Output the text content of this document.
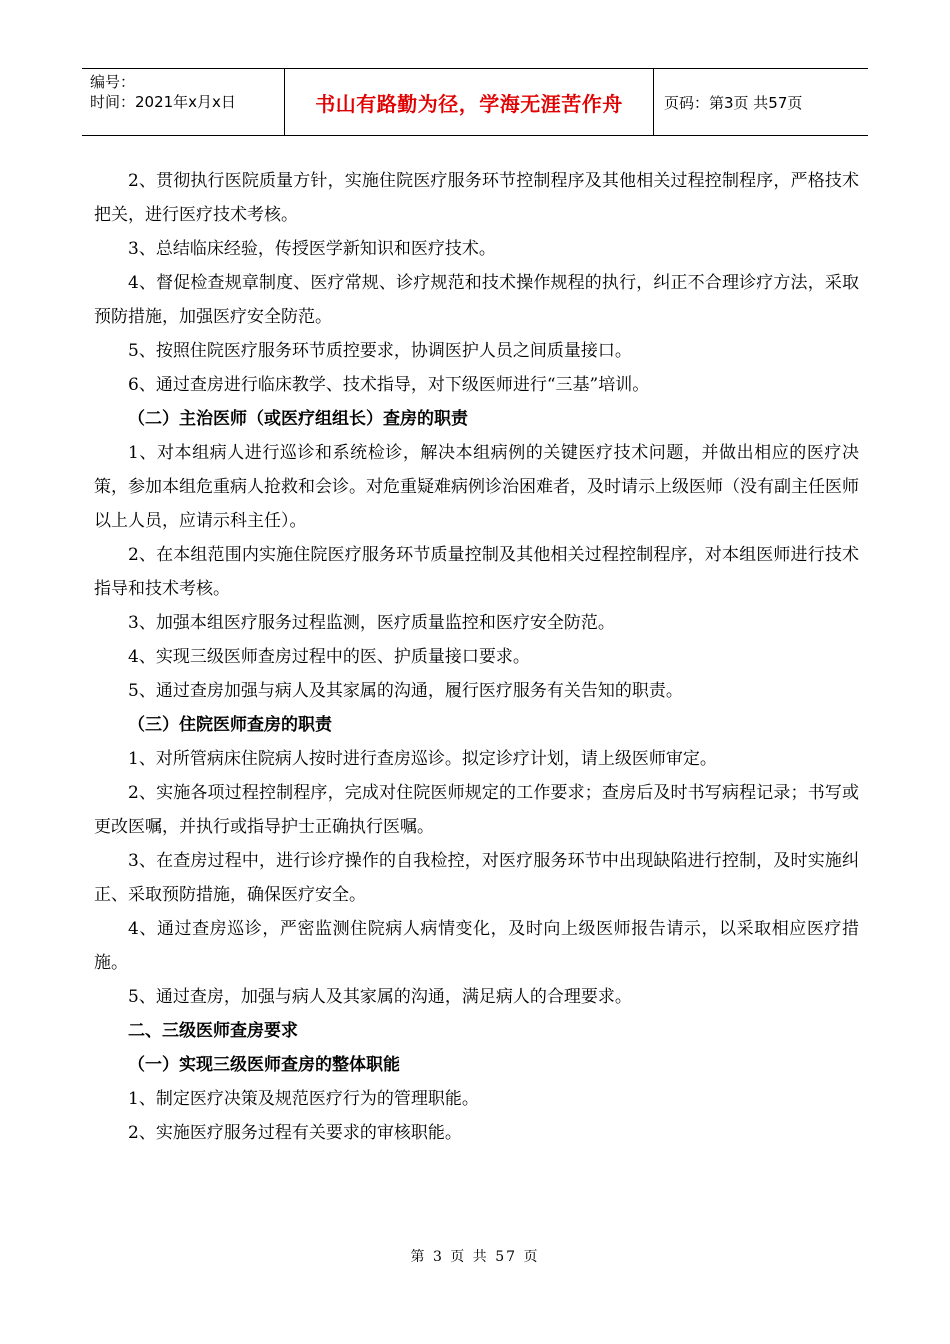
编号：
时间：2021年x月x日	书山有路勤为径，学海无涯苦作舟	页码：第3页 共57页

2、贯彻执行医院质量方针，实施住院医疗服务环节控制程序及其他相关过程控制程序，严格技术把关，进行医疗技术考核。

3、总结临床经验，传授医学新知识和医疗技术。

4、督促检查规章制度、医疗常规、诊疗规范和技术操作规程的执行，纠正不合理诊疗方法，采取预防措施，加强医疗安全防范。

5、按照住院医疗服务环节质控要求，协调医护人员之间质量接口。

6、通过查房进行临床教学、技术指导，对下级医师进行“三基”培训。

（二）主治医师（或医疗组组长）查房的职责

1、对本组病人进行巡诊和系统检诊，解决本组病例的关键医疗技术问题，并做出相应的医疗决策，参加本组危重病人抢救和会诊。对危重疑难病例诊治困难者，及时请示上级医师（没有副主任医师以上人员，应请示科主任）。

2、在本组范围内实施住院医疗服务环节质量控制及其他相关过程控制程序，对本组医师进行技术指导和技术考核。

3、加强本组医疗服务过程监测，医疗质量监控和医疗安全防范。

4、实现三级医师查房过程中的医、护质量接口要求。

5、通过查房加强与病人及其家属的沟通，履行医疗服务有关告知的职责。

（三）住院医师查房的职责

1、对所管病床住院病人按时进行查房巡诊。拟定诊疗计划，请上级医师审定。

2、实施各项过程控制程序，完成对住院医师规定的工作要求；查房后及时书写病程记录；书写或更改医嘱，并执行或指导护士正确执行医嘱。

3、在查房过程中，进行诊疗操作的自我检控，对医疗服务环节中出现缺陷进行控制，及时实施纠正、采取预防措施，确保医疗安全。

4、通过查房巡诊，严密监测住院病人病情变化，及时向上级医师报告请示，以采取相应医疗措施。

5、通过查房，加强与病人及其家属的沟通，满足病人的合理要求。

二、三级医师查房要求

（一）实现三级医师查房的整体职能

1、制定医疗决策及规范医疗行为的管理职能。

2、实施医疗服务过程有关要求的审核职能。

第 3 页 共 57 页
